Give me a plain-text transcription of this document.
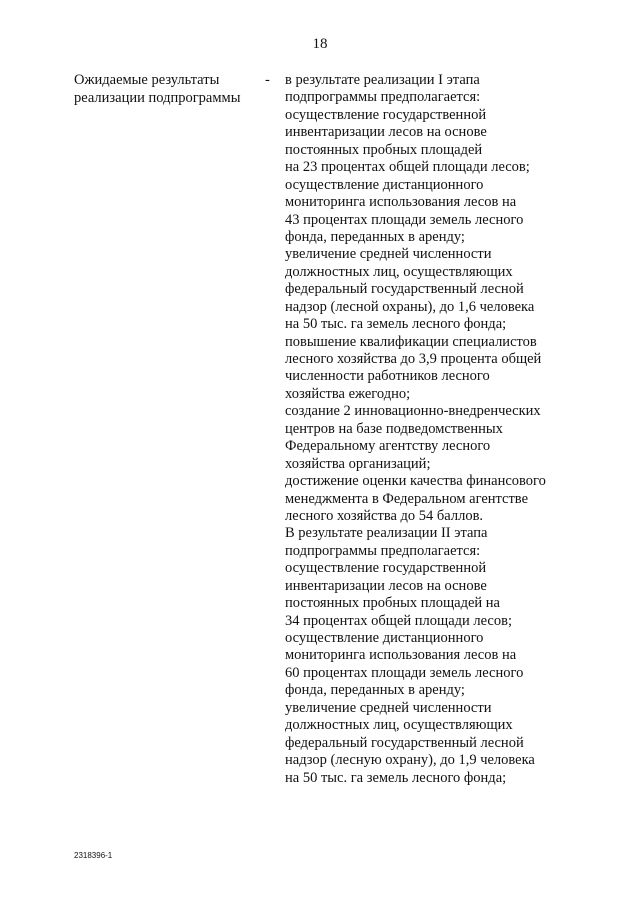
18
Ожидаемые результаты
реализации подпрограммы
- в результате реализации I этапа
подпрограммы предполагается:
осуществление государственной
инвентаризации лесов на основе
постоянных пробных площадей
на 23 процентах общей площади лесов;
осуществление дистанционного
мониторинга использования лесов на
43 процентах площади земель лесного
фонда, переданных в аренду;
увеличение средней численности
должностных лиц, осуществляющих
федеральный государственный лесной
надзор (лесной охраны), до 1,6 человека
на 50 тыс. га земель лесного фонда;
повышение квалификации специалистов
лесного хозяйства до 3,9 процента общей
численности работников лесного
хозяйства ежегодно;
создание 2 инновационно-внедренческих
центров на базе подведомственных
Федеральному агентству лесного
хозяйства организаций;
достижение оценки качества финансового
менеджмента в Федеральном агентстве
лесного хозяйства до 54 баллов.
В результате реализации II этапа
подпрограммы предполагается:
осуществление государственной
инвентаризации лесов на основе
постоянных пробных площадей на
34 процентах общей площади лесов;
осуществление дистанционного
мониторинга использования лесов на
60 процентах площади земель лесного
фонда, переданных в аренду;
увеличение средней численности
должностных лиц, осуществляющих
федеральный государственный лесной
надзор (лесную охрану), до 1,9 человека
на 50 тыс. га земель лесного фонда;
2318396-1
